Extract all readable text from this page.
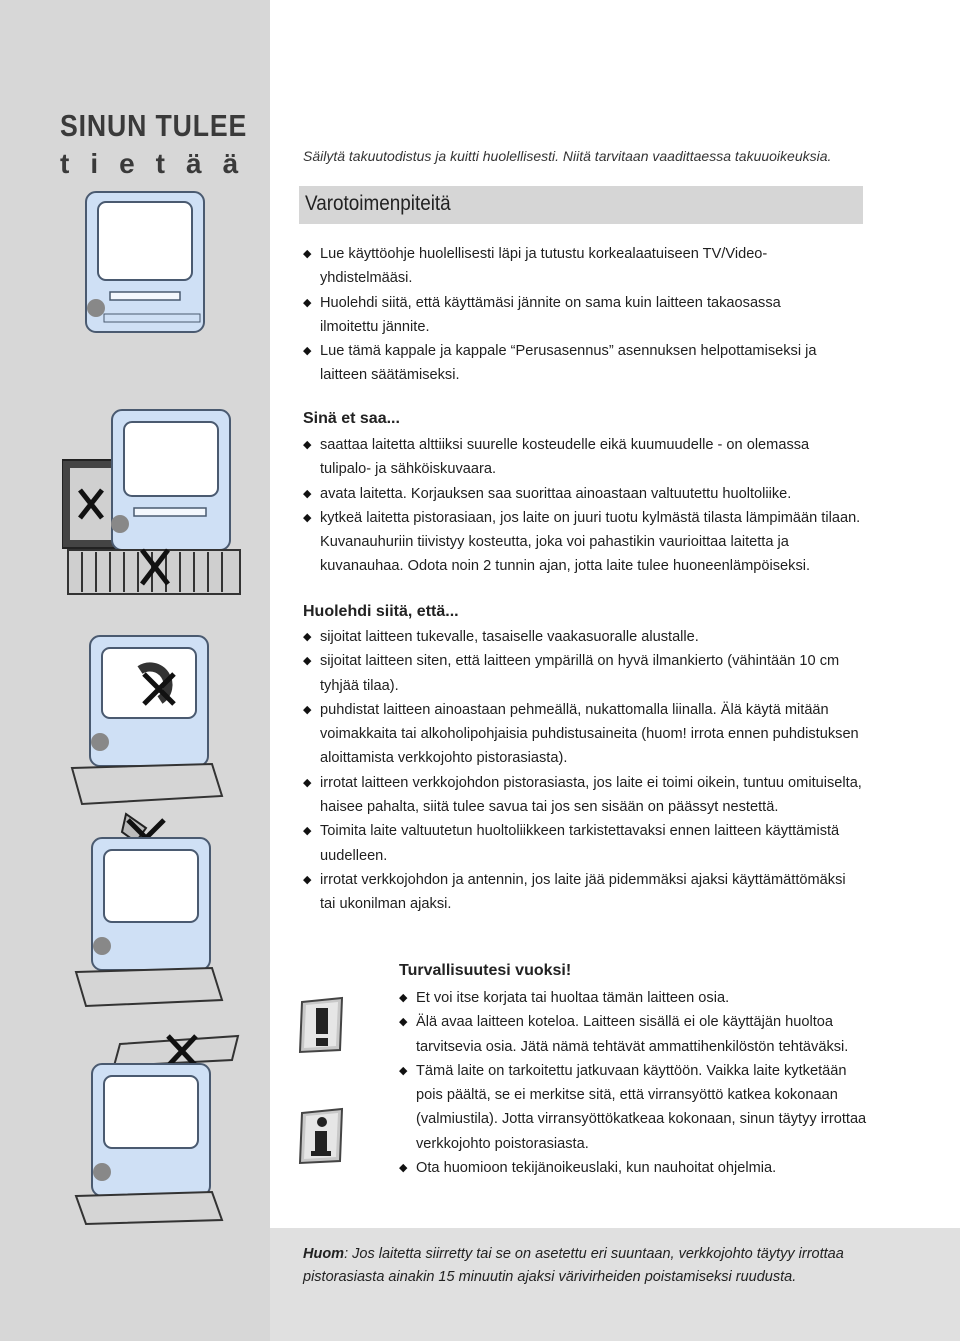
SINUN TULEE
tietää	Säilytä takuutodistus ja kuitti huolellisesti. Niitä tarvitaan vaadittaessa takuuoikeuksia.
Varotoimenpiteitä
◆ Lue käyttöohje huolellisesti läpi ja tutustu korkealaatuiseen TV/Video-yhdistelmääsi.
◆ Huolehdi siitä, että käyttämäsi jännite on sama kuin laitteen takaosassa ilmoitettu jännite.
◆ Lue tämä kappale ja kappale “Perusasennus” asennuksen helpottamiseksi ja laitteen säätämiseksi.
Sinä et saa...
◆ saattaa laitetta alttiiksi suurelle kosteudelle eikä kuumuudelle - on olemassa tulipalo- ja sähköiskuvaara.
◆ avata laitetta. Korjauksen saa suorittaa ainoastaan valtuutettu huoltoliike.
◆ kytkeä laitetta pistorasiaan, jos laite on juuri tuotu kylmästä tilasta lämpimään tilaan. Kuvanauhuriin tiivistyy kosteutta, joka voi pahastikin vaurioittaa laitetta ja kuvanauhaa. Odota noin 2 tunnin ajan, jotta laite tulee huoneenlämpöiseksi.
Huolehdi siitä, että...
◆ sijoitat laitteen tukevalle, tasaiselle vaakasuoralle alustalle.
◆ sijoitat laitteen siten, että laitteen ympärillä on hyvä ilmankierto (vähintään 10 cm tyhjää tilaa).
◆ puhdistat laitteen ainoastaan pehmeällä, nukattomalla liinalla. Älä käytä mitään voimakkaita tai alkoholipohjaisia puhdistusaineita (huom! irrota ennen puhdistuksen aloittamista verkkojohto pistorasiasta).
◆ irrotat laitteen verkkojohdon pistorasiasta, jos laite ei toimi oikein, tuntuu omituiselta, haisee pahalta, siitä tulee savua tai jos sen sisään on päässyt nestettä.
◆ Toimita laite valtuutetun huoltoliikkeen tarkistettavaksi ennen laitteen käyttämistä uudelleen.
◆ irrotat verkkojohdon ja antennin, jos laite jää pidemmäksi ajaksi käyttämättömäksi tai ukonilman ajaksi.
Turvallisuutesi vuoksi!
◆ Et voi itse korjata tai huoltaa tämän laitteen osia.
◆ Älä avaa laitteen koteloa. Laitteen sisällä ei ole käyttäjän huoltoa tarvitsevia osia. Jätä nämä tehtävät ammattihenkilöstön tehtäväksi.
◆ Tämä laite on tarkoitettu jatkuvaan käyttöön. Vaikka laite kytketään pois päältä, se ei merkitse sitä, että virransyöttö katkea kokonaan (valmiustila). Jotta virransyöttökatkeaa kokonaan, sinun täytyy irrottaa verkkojohto poistorasiasta.
◆ Ota huomioon tekijänoikeuslaki, kun nauhoitat ohjelmia.
Huom: Jos laitetta siirretty tai se on asetettu eri suuntaan, verkkojohto täytyy irrottaa pistorasiasta ainakin 15 minuutin ajaksi värivirheiden poistamiseksi ruudusta.
